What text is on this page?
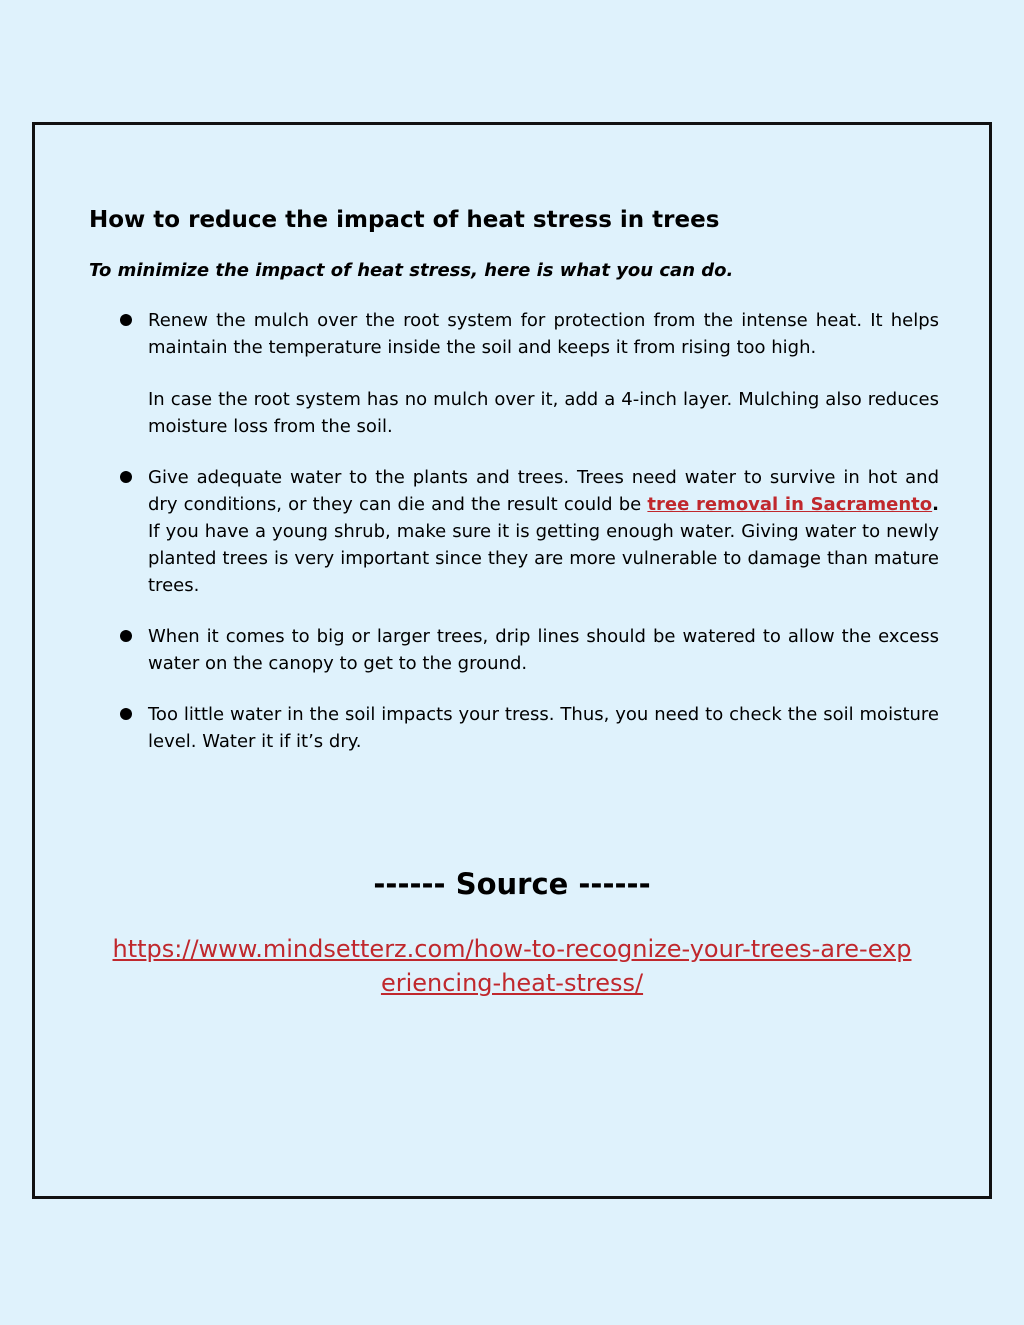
How to reduce the impact of heat stress in trees

To minimize the impact of heat stress, here is what you can do.

Renew the mulch over the root system for protection from the intense heat. It helps maintain the temperature inside the soil and keeps it from rising too high.

In case the root system has no mulch over it, add a 4-inch layer. Mulching also reduces moisture loss from the soil.

Give adequate water to the plants and trees. Trees need water to survive in hot and dry conditions, or they can die and the result could be tree removal in Sacramento. If you have a young shrub, make sure it is getting enough water. Giving water to newly planted trees is very important since they are more vulnerable to damage than mature trees.

When it comes to big or larger trees, drip lines should be watered to allow the excess water on the canopy to get to the ground.

Too little water in the soil impacts your tress. Thus, you need to check the soil moisture level. Water it if it’s dry.

------ Source ------
https://www.mindsetterz.com/how-to-recognize-your-trees-are-experiencing-heat-stress/
